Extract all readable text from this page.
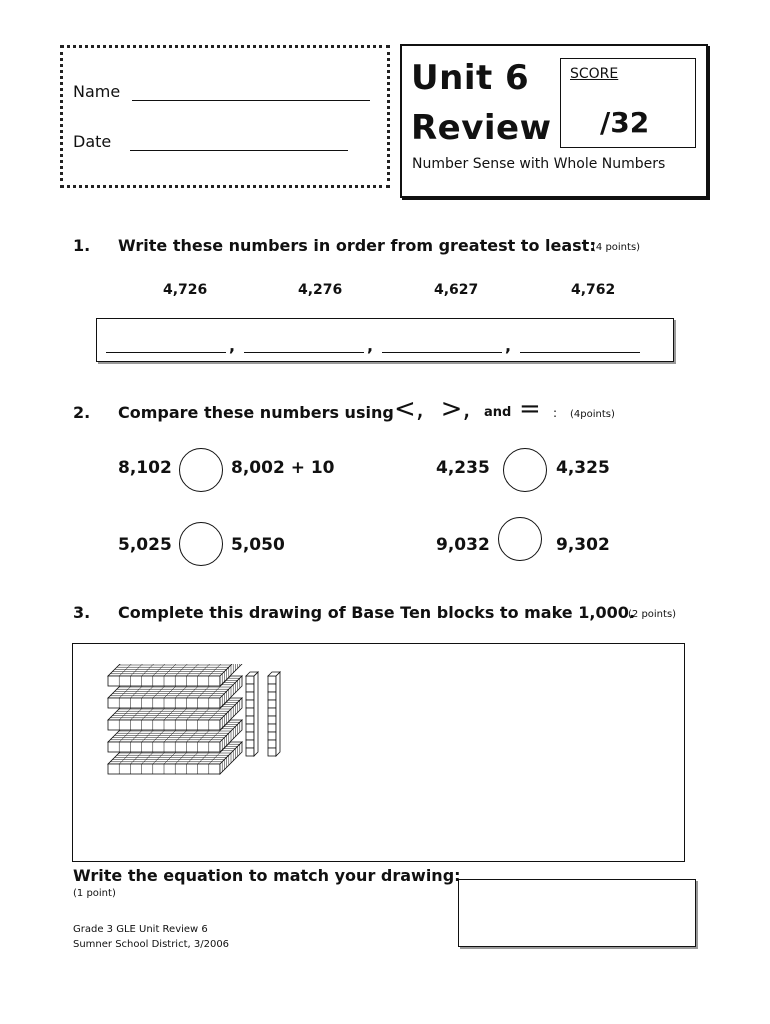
Name
Date
Unit 6
Review
Number Sense with Whole Numbers
SCORE
/32
1. Write these numbers in order from greatest to least:
(4 points)
4,726	4,276	4,627	4,762
,	,	,
2. Compare these numbers using <,  >, and = : (4points)
8,102	8,002 + 10	4,235	4,325
5,025	5,050	9,032	9,302
3. Complete this drawing of Base Ten blocks to make 1,000.
(2 points)
Write the equation to match your drawing:
(1 point)
Grade 3 GLE Unit Review 6
Sumner School District, 3/2006
